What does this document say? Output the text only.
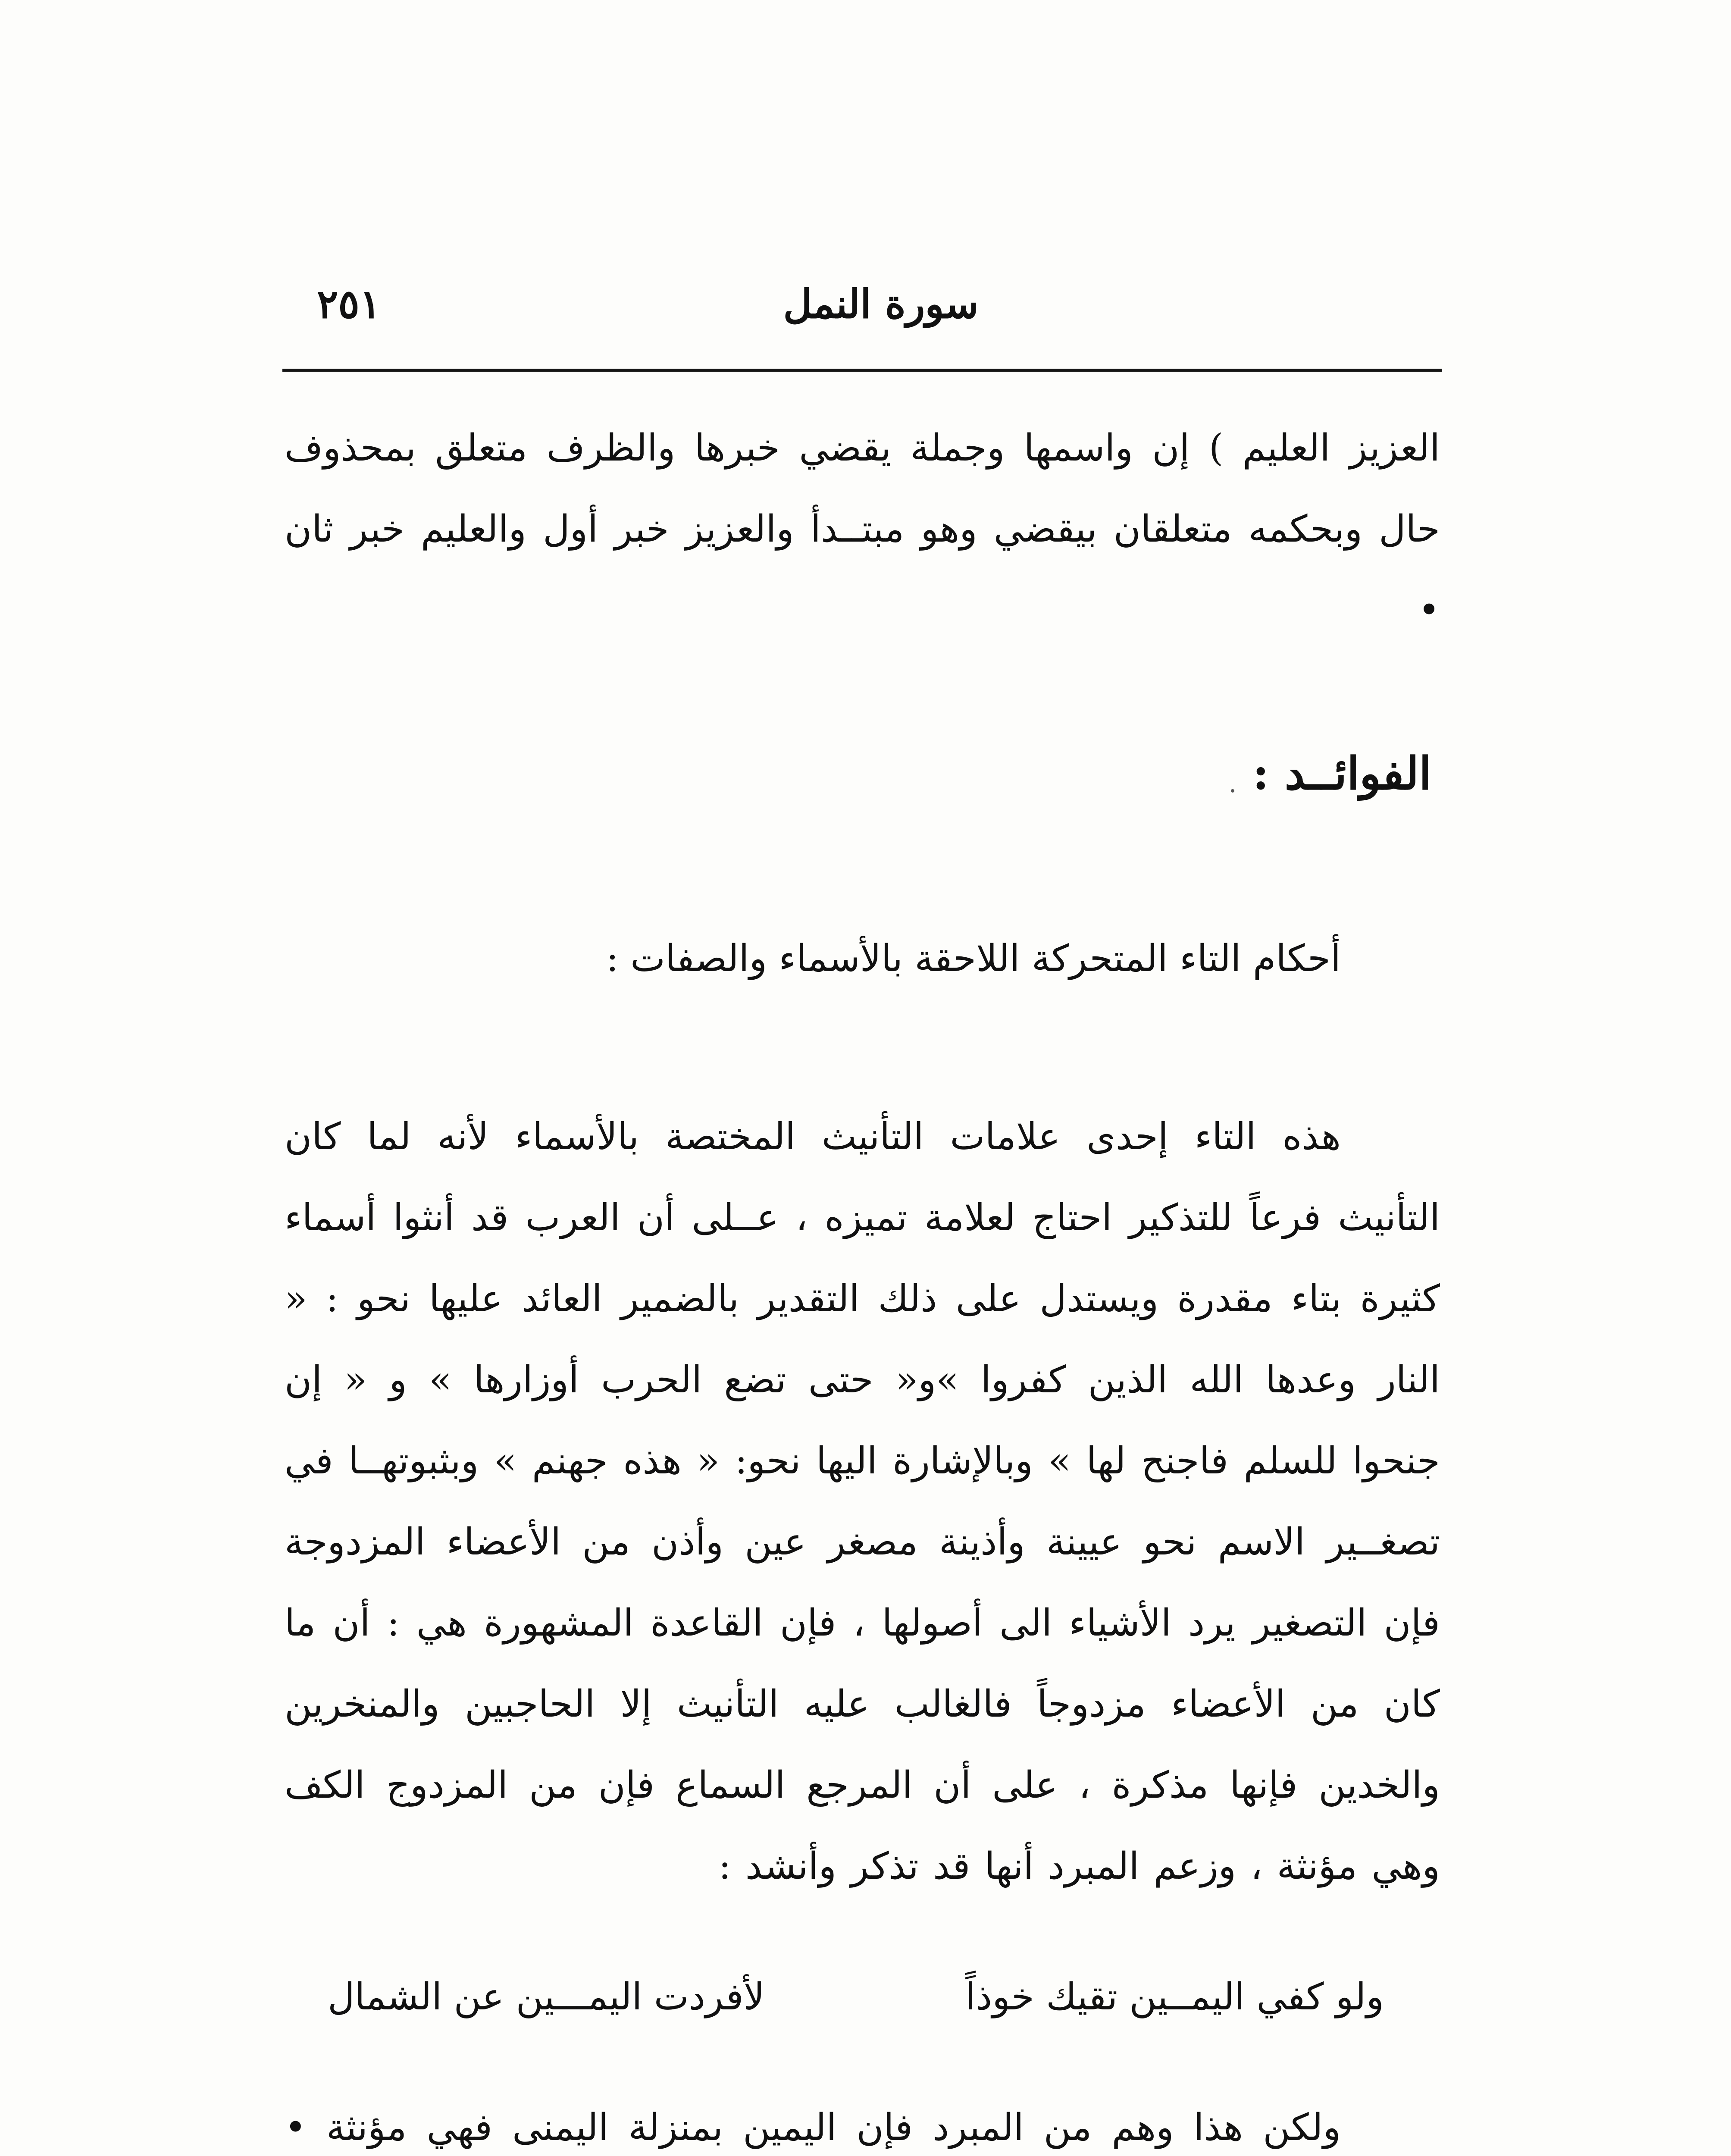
سورة النمل
٢٥١

العزيز العليم ) إن واسمها وجملة يقضي خبرها والظرف متعلق بمحذوف حال وبحكمه متعلقان بيقضي وهو مبتــدأ والعزيز خبر أول والعليم خبر ثان •

الفوائــد :

أحكام التاء المتحركة اللاحقة بالأسماء والصفات :

هذه التاء إحدى علامات التأنيث المختصة بالأسماء لأنه لما كان التأنيث فرعاً للتذكير احتاج لعلامة تميزه ، عــلى أن العرب قد أنثوا أسماء كثيرة بتاء مقدرة ويستدل على ذلك التقدير بالضمير العائد عليها نحو : « النار وعدها الله الذين كفروا »و« حتى تضع الحرب أوزارها » و « إن جنحوا للسلم فاجنح لها » وبالإشارة اليها نحو: « هذه جهنم » وبثبوتهــا في تصغــير الاسم نحو عيينة وأذينة مصغر عين وأذن من الأعضاء المزدوجة فإن التصغير يرد الأشياء الى أصولها ، فإن القاعدة المشهورة هي : أن ما كان من الأعضاء مزدوجاً فالغالب عليه التأنيث إلا الحاجبين والمنخرين والخدين فإنها مذكرة ، على أن المرجع السماع فإن من المزدوج الكف وهي مؤنثة ، وزعم المبرد أنها قد تذكر وأنشد :

ولو كفي اليمــين تقيك خوذاً
لأفردت اليمـــين عن الشمال

ولكن هذا وهم من المبرد فإن اليمين بمنزلة اليمنى فهي مؤنثة •
